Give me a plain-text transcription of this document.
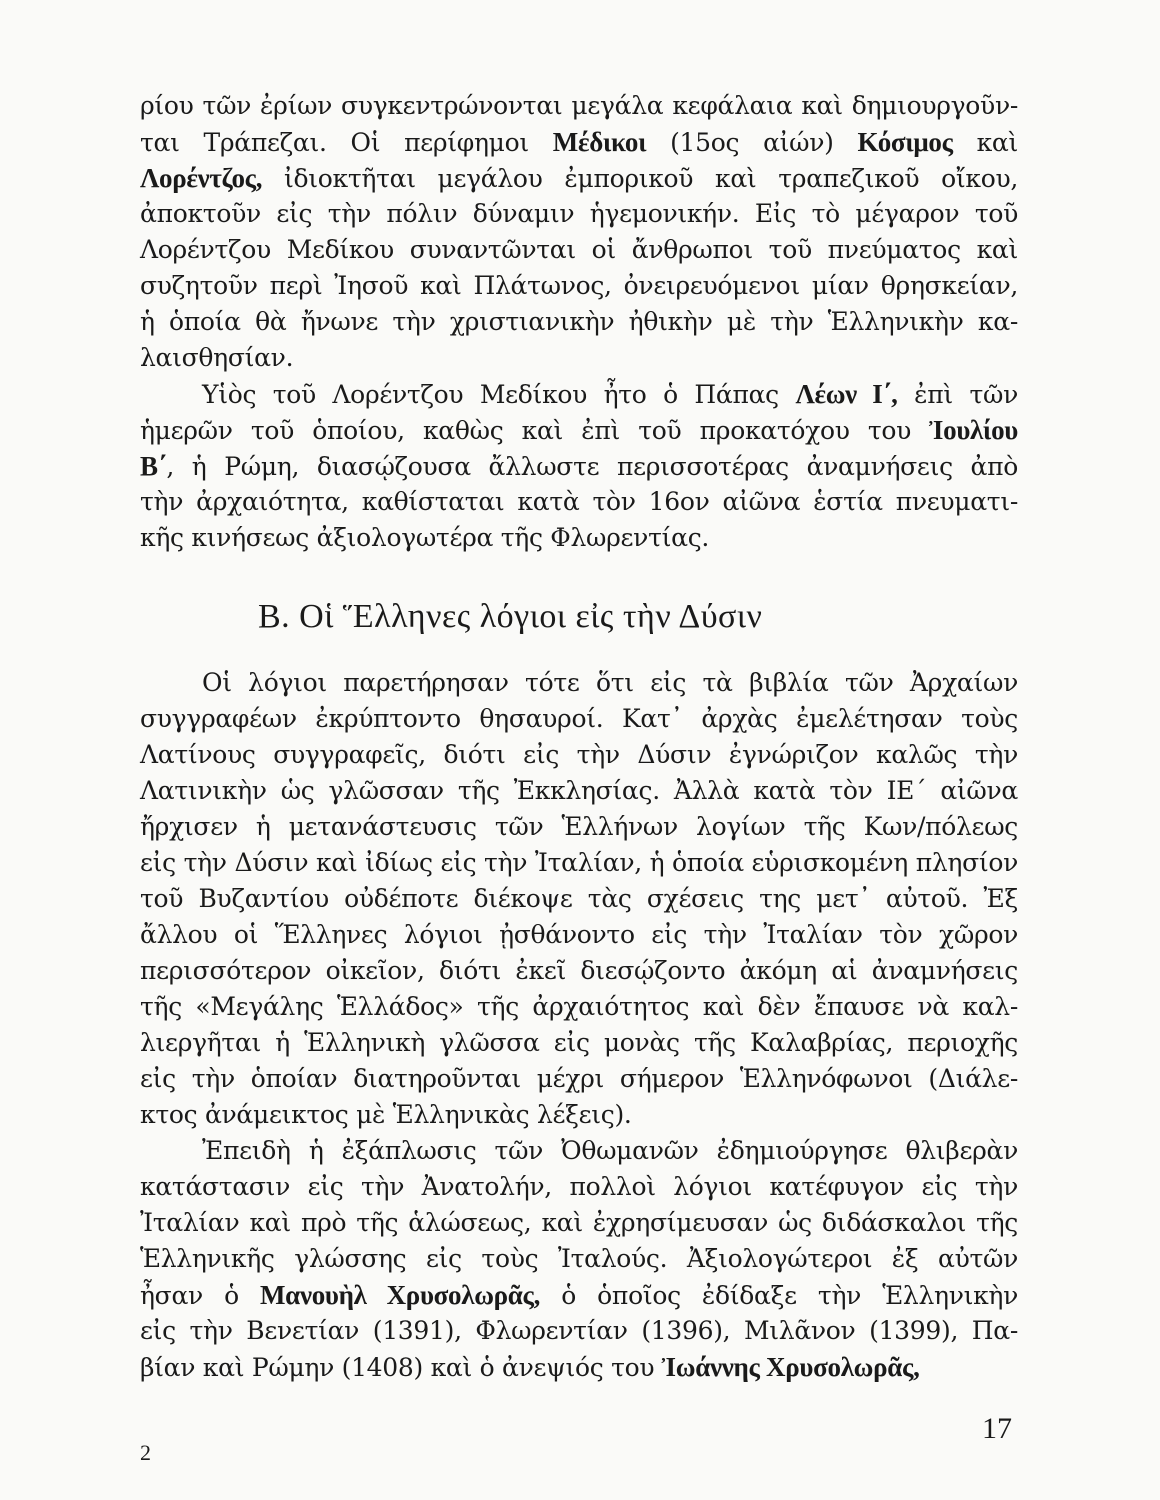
ρίου τῶν ἐρίων συγκεντρώνονται μεγάλα κεφάλαια καὶ δημιουργοῦν-
ται Τράπεζαι. Οἱ περίφημοι Μέδικοι (15ος αἰών) Κόσιμος καὶ
Λορέντζος, ἰδιοκτῆται μεγάλου ἐμπορικοῦ καὶ τραπεζικοῦ οἴκου,
ἀποκτοῦν εἰς τὴν πόλιν δύναμιν ἡγεμονικήν. Εἰς τὸ μέγαρον τοῦ
Λορέντζου Μεδίκου συναντῶνται οἱ ἄνθρωποι τοῦ πνεύματος καὶ
συζητοῦν περὶ Ἰησοῦ καὶ Πλάτωνος, ὀνειρευόμενοι μίαν θρησκείαν,
ἡ ὁποία θὰ ἤνωνε τὴν χριστιανικὴν ἠθικὴν μὲ τὴν Ἑλληνικὴν κα-
λαισθησίαν.
Υἱὸς τοῦ Λορέντζου Μεδίκου ἦτο ὁ Πάπας Λέων Ι΄, ἐπὶ τῶν
ἡμερῶν τοῦ ὁποίου, καθὼς καὶ ἐπὶ τοῦ προκατόχου του Ἰουλίου
Β΄, ἡ Ρώμη, διασῴζουσα ἄλλωστε περισσοτέρας ἀναμνήσεις ἀπὸ
τὴν ἀρχαιότητα, καθίσταται κατὰ τὸν 16ον αἰῶνα ἑστία πνευματι-
κῆς κινήσεως ἀξιολογωτέρα τῆς Φλωρεντίας.
Β. Οἱ Ἕλληνες λόγιοι εἰς τὴν Δύσιν
Οἱ λόγιοι παρετήρησαν τότε ὅτι εἰς τὰ βιβλία τῶν Ἀρχαίων
συγγραφέων ἐκρύπτοντο θησαυροί. Κατ᾽ ἀρχὰς ἐμελέτησαν τοὺς
Λατίνους συγγραφεῖς, διότι εἰς τὴν Δύσιν ἐγνώριζον καλῶς τὴν
Λατινικὴν ὡς γλῶσσαν τῆς Ἐκκλησίας. Ἀλλὰ κατὰ τὸν ΙΕ΄ αἰῶνα
ἤρχισεν ἡ μετανάστευσις τῶν Ἑλλήνων λογίων τῆς Κων/πόλεως
εἰς τὴν Δύσιν καὶ ἰδίως εἰς τὴν Ἰταλίαν, ἡ ὁποία εὑρισκομένη πλησίον
τοῦ Βυζαντίου οὐδέποτε διέκοψε τὰς σχέσεις της μετ᾽ αὐτοῦ. Ἐξ
ἄλλου οἱ Ἕλληνες λόγιοι ᾐσθάνοντο εἰς τὴν Ἰταλίαν τὸν χῶρον
περισσότερον οἰκεῖον, διότι ἐκεῖ διεσῴζοντο ἀκόμη αἱ ἀναμνήσεις
τῆς «Μεγάλης Ἑλλάδος» τῆς ἀρχαιότητος καὶ δὲν ἔπαυσε νὰ καλ-
λιεργῆται ἡ Ἑλληνικὴ γλῶσσα εἰς μονὰς τῆς Καλαβρίας, περιοχῆς
εἰς τὴν ὁποίαν διατηροῦνται μέχρι σήμερον Ἑλληνόφωνοι (Διάλε-
κτος ἀνάμεικτος μὲ Ἑλληνικὰς λέξεις).
Ἐπειδὴ ἡ ἐξάπλωσις τῶν Ὀθωμανῶν ἐδημιούργησε θλιβερὰν
κατάστασιν εἰς τὴν Ἀνατολήν, πολλοὶ λόγιοι κατέφυγον εἰς τὴν
Ἰταλίαν καὶ πρὸ τῆς ἁλώσεως, καὶ ἐχρησίμευσαν ὡς διδάσκαλοι τῆς
Ἑλληνικῆς γλώσσης εἰς τοὺς Ἰταλούς. Ἀξιολογώτεροι ἐξ αὐτῶν
ἦσαν ὁ Μανουὴλ Χρυσολωρᾶς, ὁ ὁποῖος ἐδίδαξε τὴν Ἑλληνικὴν
εἰς τὴν Βενετίαν (1391), Φλωρεντίαν (1396), Μιλᾶνον (1399), Πα-
βίαν καὶ Ρώμην (1408) καὶ ὁ ἀνεψιός του Ἰωάννης Χρυσολωρᾶς,
17
2
